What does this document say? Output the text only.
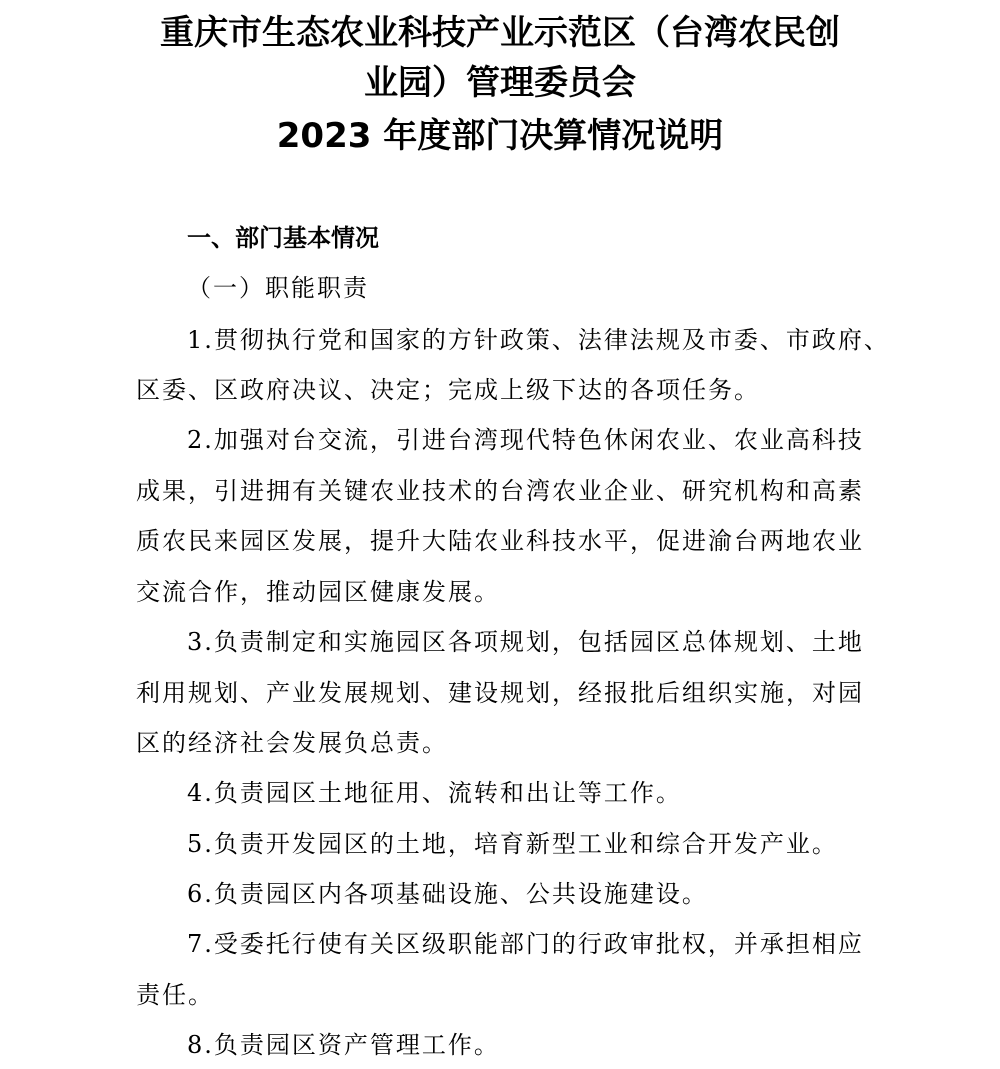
重庆市生态农业科技产业示范区（台湾农民创
业园）管理委员会
2023 年度部门决算情况说明
一、部门基本情况
（一）职能职责
1.贯彻执行党和国家的方针政策、法律法规及市委、市政府、
区委、区政府决议、决定；完成上级下达的各项任务。
2.加强对台交流，引进台湾现代特色休闲农业、农业高科技
成果，引进拥有关键农业技术的台湾农业企业、研究机构和高素
质农民来园区发展，提升大陆农业科技水平，促进渝台两地农业
交流合作，推动园区健康发展。
3.负责制定和实施园区各项规划，包括园区总体规划、土地
利用规划、产业发展规划、建设规划，经报批后组织实施，对园
区的经济社会发展负总责。
4.负责园区土地征用、流转和出让等工作。
5.负责开发园区的土地，培育新型工业和综合开发产业。
6.负责园区内各项基础设施、公共设施建设。
7.受委托行使有关区级职能部门的行政审批权，并承担相应
责任。
8.负责园区资产管理工作。
